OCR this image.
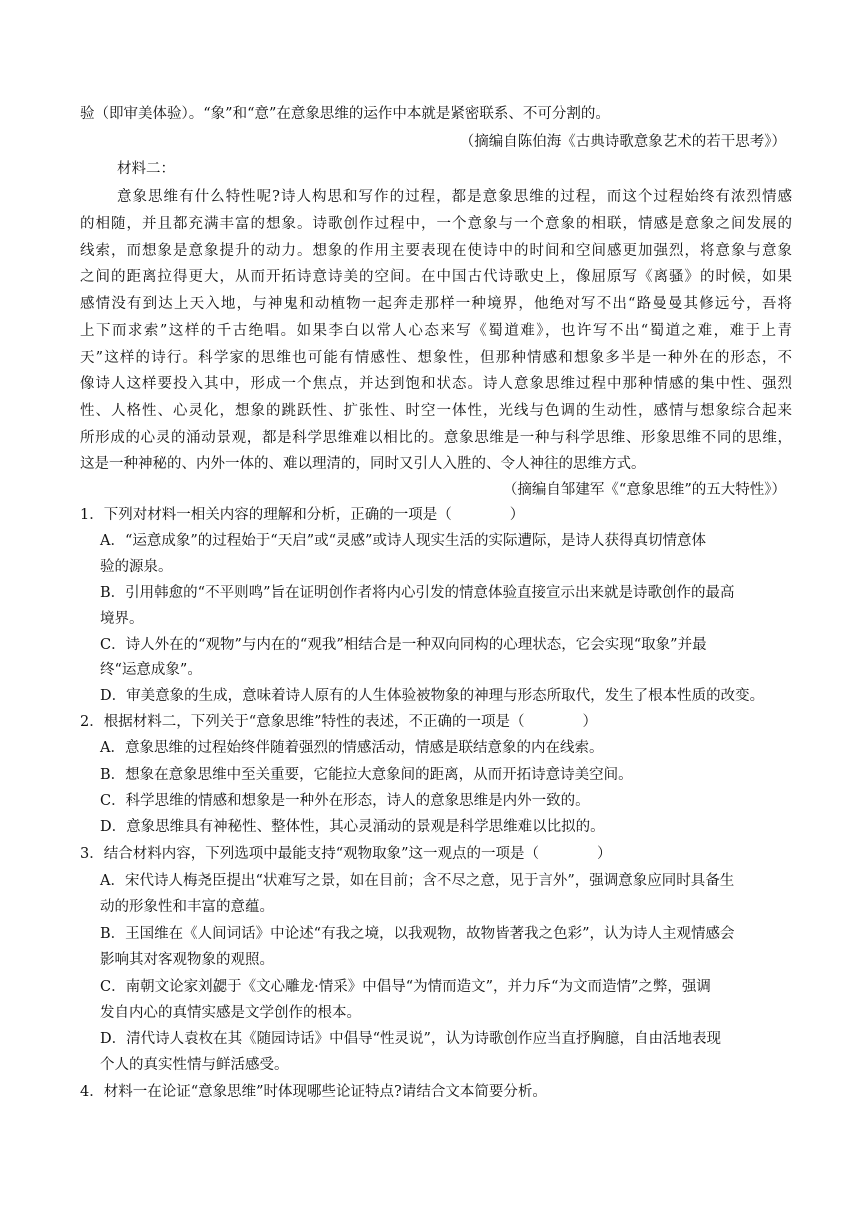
验（即审美体验）。“象”和“意”在意象思维的运作中本就是紧密联系、不可分割的。
（摘编自陈伯海《古典诗歌意象艺术的若干思考》）
材料二：
意象思维有什么特性呢?诗人构思和写作的过程，都是意象思维的过程，而这个过程始终有浓烈情感
的相随，并且都充满丰富的想象。诗歌创作过程中，一个意象与一个意象的相联，情感是意象之间发展的
线索，而想象是意象提升的动力。想象的作用主要表现在使诗中的时间和空间感更加强烈，将意象与意象
之间的距离拉得更大，从而开拓诗意诗美的空间。在中国古代诗歌史上，像屈原写《离骚》的时候，如果
感情没有到达上天入地，与神鬼和动植物一起奔走那样一种境界，他绝对写不出“路曼曼其修远兮，吾将
上下而求索”这样的千古绝唱。如果李白以常人心态来写《蜀道难》，也许写不出“蜀道之难，难于上青
天”这样的诗行。科学家的思维也可能有情感性、想象性，但那种情感和想象多半是一种外在的形态，不
像诗人这样要投入其中，形成一个焦点，并达到饱和状态。诗人意象思维过程中那种情感的集中性、强烈
性、人格性、心灵化，想象的跳跃性、扩张性、时空一体性，光线与色调的生动性，感情与想象综合起来
所形成的心灵的涌动景观，都是科学思维难以相比的。意象思维是一种与科学思维、形象思维不同的思维，
这是一种神秘的、内外一体的、难以理清的，同时又引人入胜的、令人神往的思维方式。
（摘编自邹建军《“意象思维”的五大特性》）
1．下列对材料一相关内容的理解和分析，正确的一项是（　　　　）
A．“运意成象”的过程始于“天启”或“灵感”或诗人现实生活的实际遭际，是诗人获得真切情意体
验的源泉。
B．引用韩愈的“不平则鸣”旨在证明创作者将内心引发的情意体验直接宣示出来就是诗歌创作的最高
境界。
C．诗人外在的“观物”与内在的“观我”相结合是一种双向同构的心理状态，它会实现“取象”并最
终“运意成象”。
D．审美意象的生成，意味着诗人原有的人生体验被物象的神理与形态所取代，发生了根本性质的改变。
2．根据材料二，下列关于“意象思维”特性的表述，不正确的一项是（　　　　）
A．意象思维的过程始终伴随着强烈的情感活动，情感是联结意象的内在线索。
B．想象在意象思维中至关重要，它能拉大意象间的距离，从而开拓诗意诗美空间。
C．科学思维的情感和想象是一种外在形态，诗人的意象思维是内外一致的。
D．意象思维具有神秘性、整体性，其心灵涌动的景观是科学思维难以比拟的。
3．结合材料内容，下列选项中最能支持“观物取象”这一观点的一项是（　　　　）
A．宋代诗人梅尧臣提出“状难写之景，如在目前；含不尽之意，见于言外”，强调意象应同时具备生
动的形象性和丰富的意蕴。
B．王国维在《人间词话》中论述“有我之境，以我观物，故物皆著我之色彩”，认为诗人主观情感会
影响其对客观物象的观照。
C．南朝文论家刘勰于《文心雕龙·情采》中倡导“为情而造文”，并力斥“为文而造情”之弊，强调
发自内心的真情实感是文学创作的根本。
D．清代诗人袁枚在其《随园诗话》中倡导“性灵说”，认为诗歌创作应当直抒胸臆，自由活地表现
个人的真实性情与鲜活感受。
4．材料一在论证“意象思维”时体现哪些论证特点?请结合文本简要分析。
